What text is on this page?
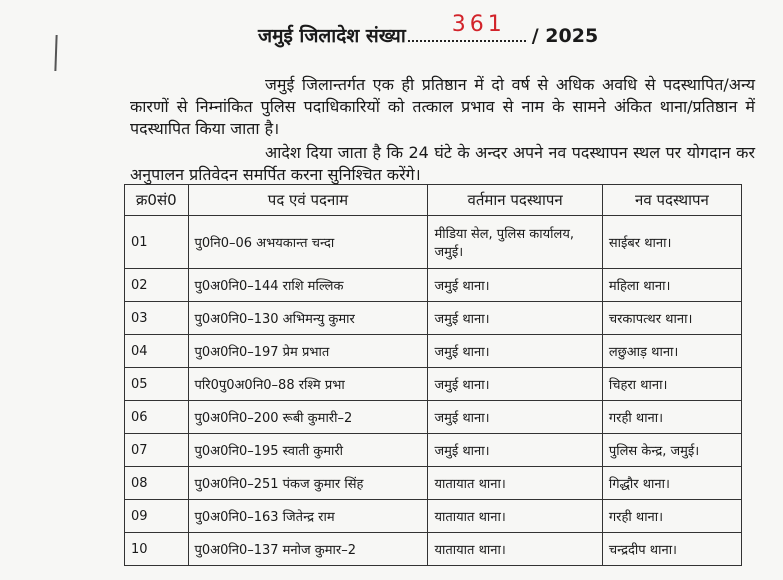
जमुई जिलादेश संख्या 361 / 2025
जमुई जिलान्तर्गत एक ही प्रतिष्ठान में दो वर्ष से अधिक अवधि से पदस्थापित/अन्य कारणों से निम्नांकित पुलिस पदाधिकारियों को तत्काल प्रभाव से नाम के सामने अंकित थाना/प्रतिष्ठान में पदस्थापित किया जाता है।
आदेश दिया जाता है कि 24 घंटे के अन्दर अपने नव पदस्थापन स्थल पर योगदान कर अनुपालन प्रतिवेदन समर्पित करना सुनिश्चित करेंगे।
क्र0सं0	पद एवं पदनाम	वर्तमान पदस्थापन	नव पदस्थापन
01	पु0नि0–06 अभयकान्त चन्दा	मीडिया सेल, पुलिस कार्यालय, जमुई।	साईबर थाना।
02	पु0अ0नि0–144 राशि मल्लिक	जमुई थाना।	महिला थाना।
03	पु0अ0नि0–130 अभिमन्यु कुमार	जमुई थाना।	चरकापत्थर थाना।
04	पु0अ0नि0–197 प्रेम प्रभात	जमुई थाना।	लछुआड़ थाना।
05	परि0पु0अ0नि0–88 रश्मि प्रभा	जमुई थाना।	चिहरा थाना।
06	पु0अ0नि0–200 रूबी कुमारी–2	जमुई थाना।	गरही थाना।
07	पु0अ0नि0–195 स्वाती कुमारी	जमुई थाना।	पुलिस केन्द्र, जमुई।
08	पु0अ0नि0–251 पंकज कुमार सिंह	यातायात थाना।	गिद्धौर थाना।
09	पु0अ0नि0–163 जितेन्द्र राम	यातायात थाना।	गरही थाना।
10	पु0अ0नि0–137 मनोज कुमार–2	यातायात थाना।	चन्द्रदीप थाना।
